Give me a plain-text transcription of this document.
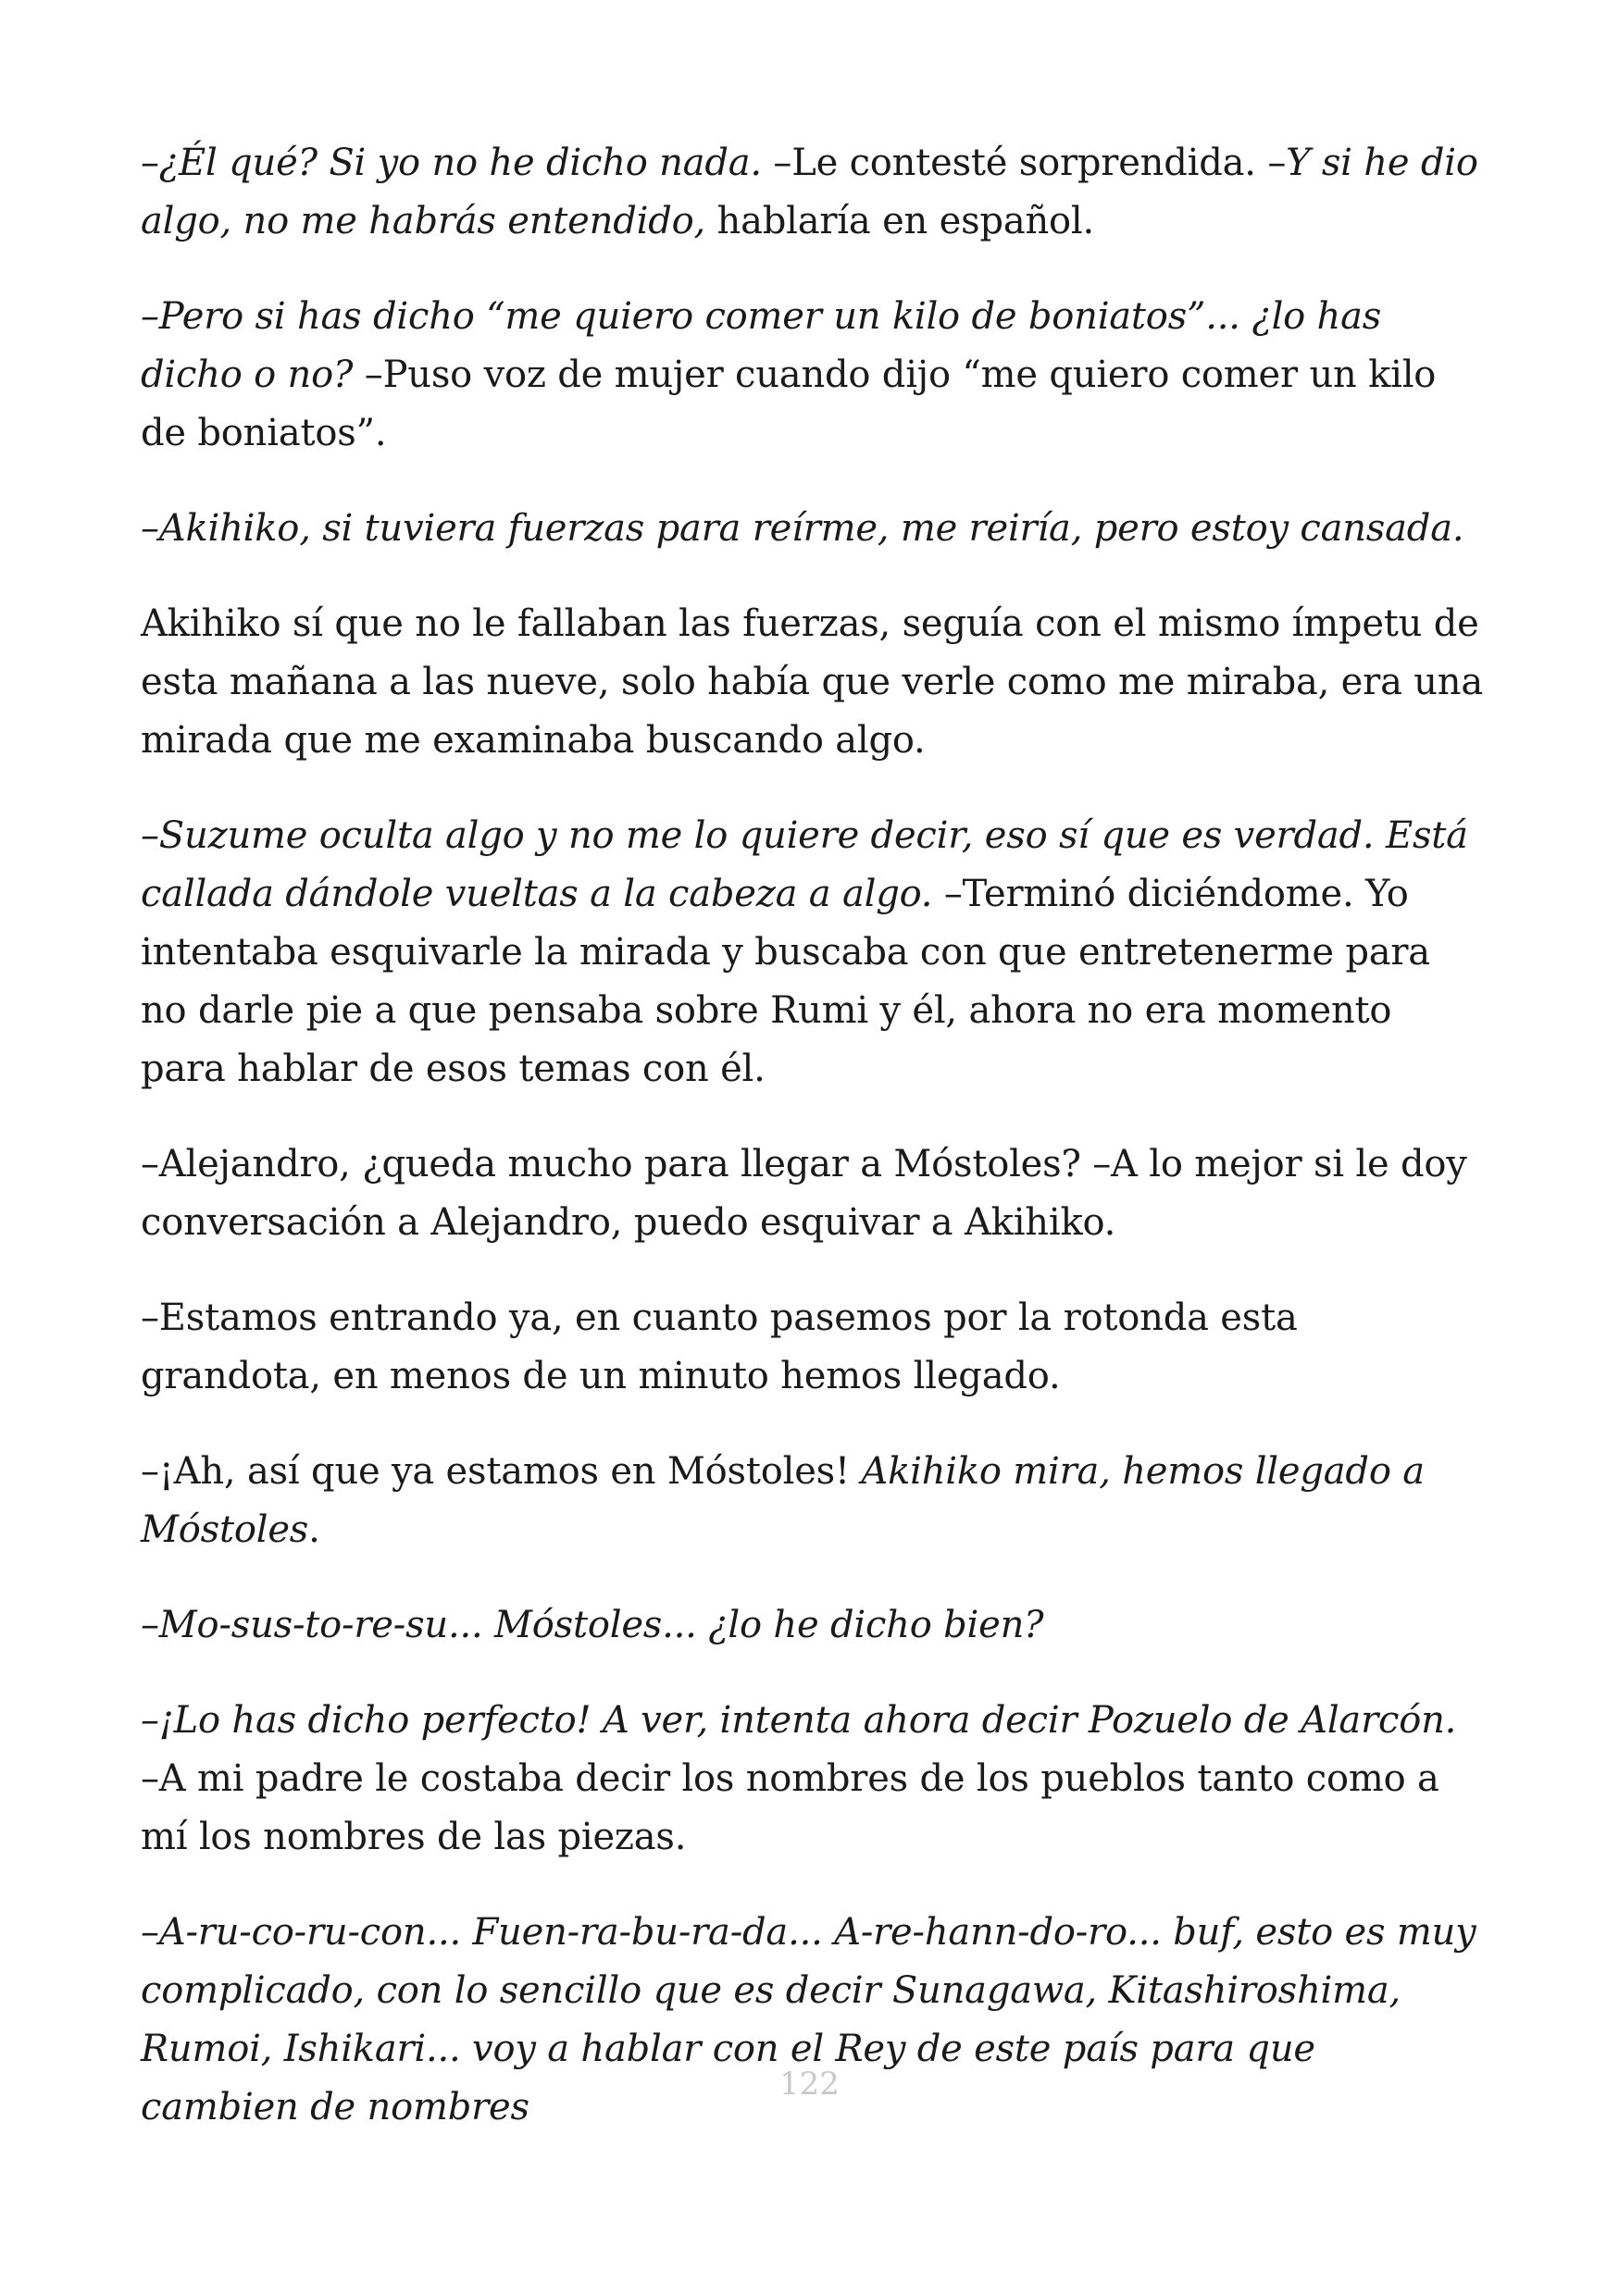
–¿Él qué? Si yo no he dicho nada. –Le contesté sorprendida. –Y si he dio algo, no me habrás entendido, hablaría en español.

–Pero si has dicho “me quiero comer un kilo de boniatos”... ¿lo has dicho o no? –Puso voz de mujer cuando dijo “me quiero comer un kilo de boniatos”.

–Akihiko, si tuviera fuerzas para reírme, me reiría, pero estoy cansada.

Akihiko sí que no le fallaban las fuerzas, seguía con el mismo ímpetu de esta mañana a las nueve, solo había que verle como me miraba, era una mirada que me examinaba buscando algo.

–Suzume oculta algo y no me lo quiere decir, eso sí que es verdad. Está callada dándole vueltas a la cabeza a algo. –Terminó diciéndome. Yo intentaba esquivarle la mirada y buscaba con que entretenerme para no darle pie a que pensaba sobre Rumi y él, ahora no era momento para hablar de esos temas con él.

–Alejandro, ¿queda mucho para llegar a Móstoles? –A lo mejor si le doy conversación a Alejandro, puedo esquivar a Akihiko.

–Estamos entrando ya, en cuanto pasemos por la rotonda esta grandota, en menos de un minuto hemos llegado.

–¡Ah, así que ya estamos en Móstoles! Akihiko mira, hemos llegado a Móstoles.

–Mo-sus-to-re-su... Móstoles... ¿lo he dicho bien?

–¡Lo has dicho perfecto! A ver, intenta ahora decir Pozuelo de Alarcón. –A mi padre le costaba decir los nombres de los pueblos tanto como a mí los nombres de las piezas.

–A-ru-co-ru-con... Fuen-ra-bu-ra-da... A-re-hann-do-ro... buf, esto es muy complicado, con lo sencillo que es decir Sunagawa, Kitashiroshima, Rumoi, Ishikari... voy a hablar con el Rey de este país para que cambien de nombres

122
